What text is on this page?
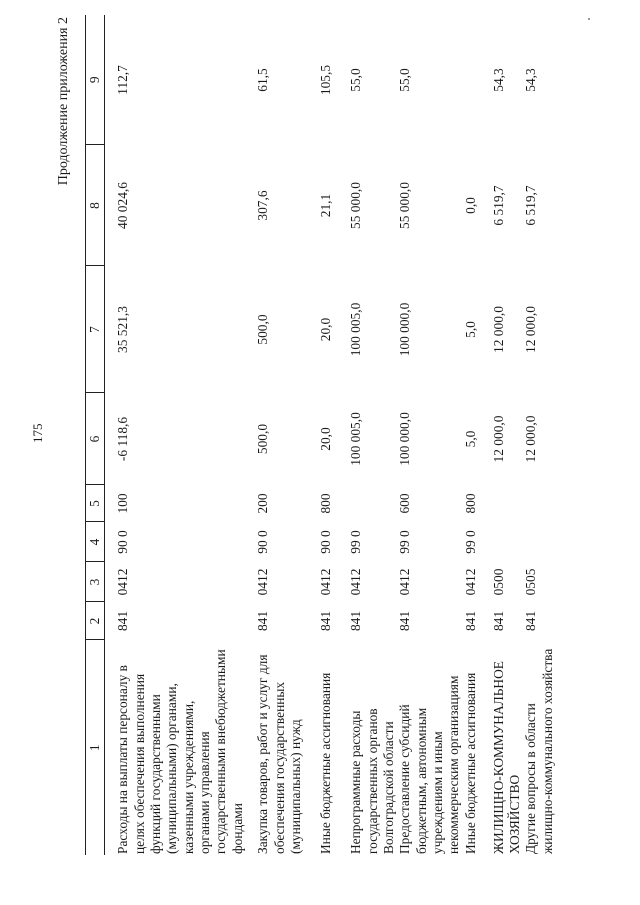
175
Продолжение приложения 2
1	2	3	4	5	6	7	8	9
Расходы на выплаты персоналу в целях обеспечения выполнения функций государственными (муниципальными) органами, казенными учреждениями, органами управления государственными внебюджетными фондами	841	0412	90 0	100	-6 118,6	35 521,3	40 024,6	112,7
Закупка товаров, работ и услуг для обеспечения государственных (муниципальных) нужд	841	0412	90 0	200	500,0	500,0	307,6	61,5
Иные бюджетные ассигнования	841	0412	90 0	800	20,0	20,0	21,1	105,5
Непрограммные расходы государственных органов Волгоградской области	841	0412	99 0		100 005,0	100 005,0	55 000,0	55,0
Предоставление субсидий бюджетным, автономным учреждениям и иным некоммерческим организациям	841	0412	99 0	600	100 000,0	100 000,0	55 000,0	55,0
Иные бюджетные ассигнования	841	0412	99 0	800	5,0	5,0	0,0	
ЖИЛИЩНО-КОММУНАЛЬНОЕ ХОЗЯЙСТВО	841	0500			12 000,0	12 000,0	6 519,7	54,3
Другие вопросы в области жилищно-коммунального хозяйства	841	0505			12 000,0	12 000,0	6 519,7	54,3
